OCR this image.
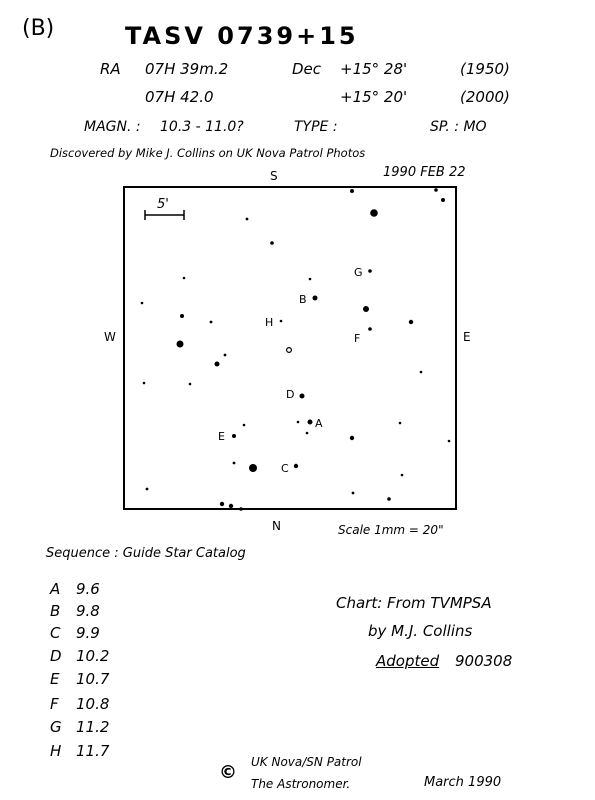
(B)	TASV 0739+15
RA 07H 39m.2	Dec +15° 28'	(1950)
07H 42.0	+15° 20'	(2000)
MAGN. : 10.3 - 11.0?	TYPE :	SP. : MO
Discovered by Mike J. Collins on UK Nova Patrol Photos
1990 FEB 22
5'
S
N
W	E
Scale 1mm = 20"
G
B
H
F
D
A
E
C
Sequence : Guide Star Catalog
A 9.6
B 9.8
C 9.9
D 10.2
E 10.7
F 10.8
G 11.2
H 11.7
Chart: From TVMPSA
by M.J. Collins
Adopted 900308
© UK Nova/SN Patrol
The Astronomer.	March 1990
